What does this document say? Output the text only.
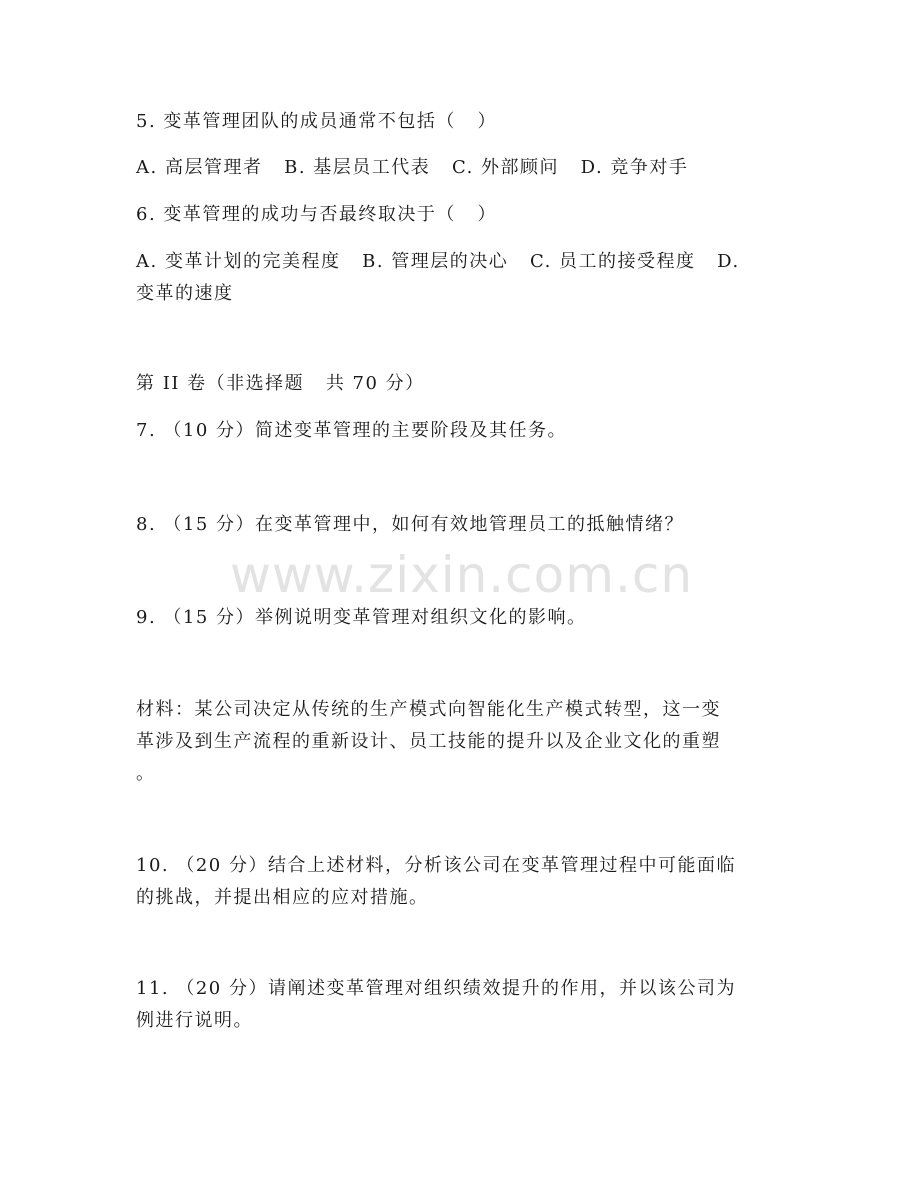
5. 变革管理团队的成员通常不包括（   ）
A. 高层管理者   B. 基层员工代表   C. 外部顾问   D. 竞争对手
6. 变革管理的成功与否最终取决于（   ）
A. 变革计划的完美程度   B. 管理层的决心   C. 员工的接受程度   D.
变革的速度
第 II 卷（非选择题   共 70 分）
7. （10 分）简述变革管理的主要阶段及其任务。
8. （15 分）在变革管理中，如何有效地管理员工的抵触情绪？
www.zixin.com.cn
9. （15 分）举例说明变革管理对组织文化的影响。
材料：某公司决定从传统的生产模式向智能化生产模式转型，这一变
革涉及到生产流程的重新设计、员工技能的提升以及企业文化的重塑
。
10. （20 分）结合上述材料，分析该公司在变革管理过程中可能面临
的挑战，并提出相应的应对措施。
11. （20 分）请阐述变革管理对组织绩效提升的作用，并以该公司为
例进行说明。
